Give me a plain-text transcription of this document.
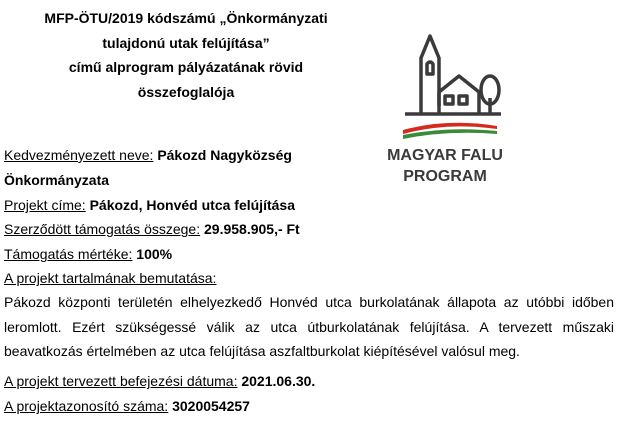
MFP-ÖTU/2019 kódszámú „Önkormányzati
tulajdonú utak felújítása”
című alprogram pályázatának rövid
összefoglalója
MAGYAR FALU
PROGRAM
Kedvezményezett neve: Pákozd Nagyközség
Önkormányzata
Projekt címe: Pákozd, Honvéd utca felújítása
Szerződött támogatás összege: 29.958.905,- Ft
Támogatás mértéke: 100%
A projekt tartalmának bemutatása:
Pákozd központi területén elhelyezkedő Honvéd utca burkolatának állapota az utóbbi időben
leromlott. Ezért szükségessé válik az utca útburkolatának felújítása. A tervezett műszaki
beavatkozás értelmében az utca felújítása aszfaltburkolat kiépítésével valósul meg.
A projekt tervezett befejezési dátuma: 2021.06.30.
A projektazonosító száma: 3020054257
